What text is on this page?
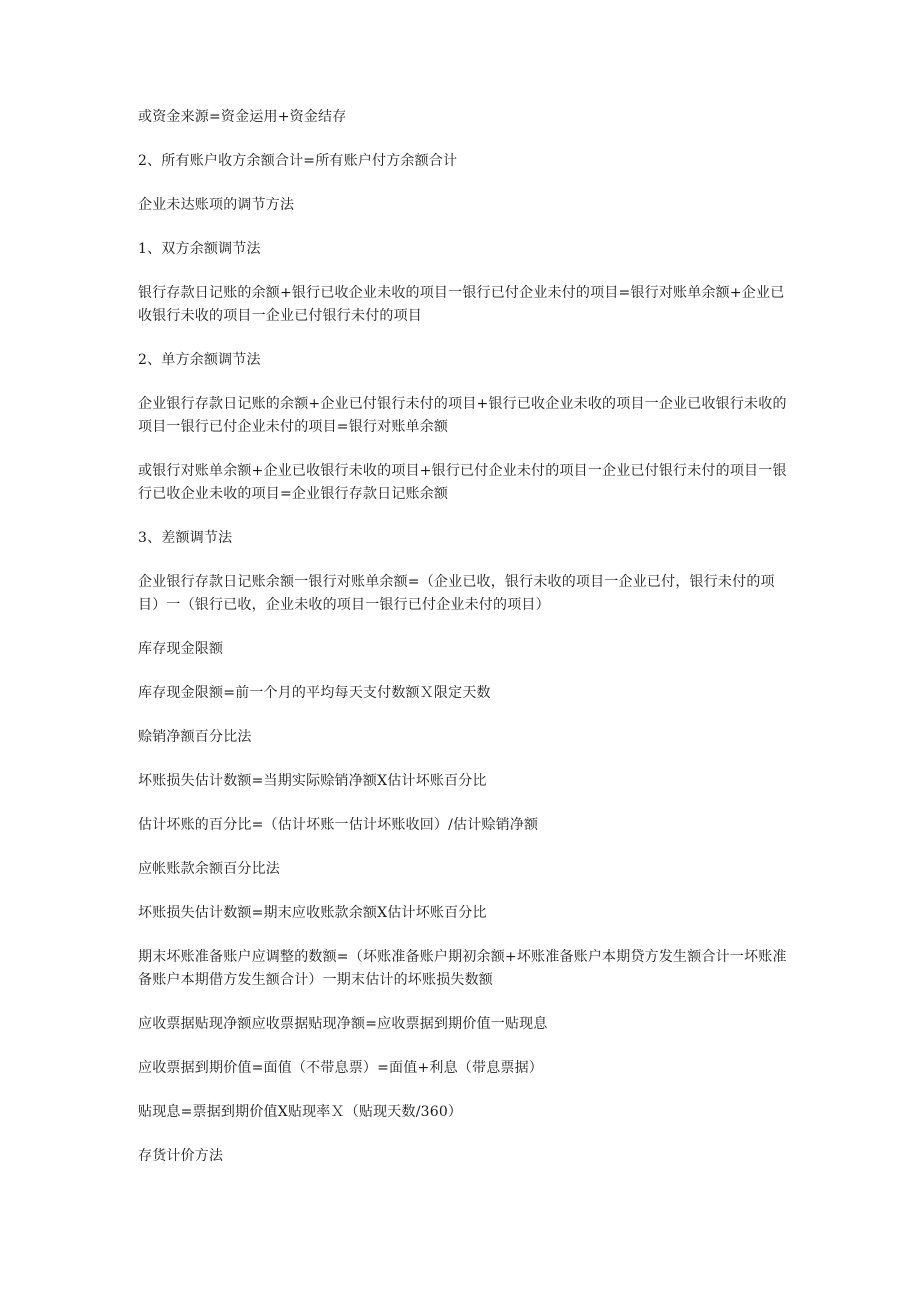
或资金来源=资金运用+资金结存

2、所有账户收方余额合计=所有账户付方余额合计

企业未达账项的调节方法

1、双方余额调节法

银行存款日记账的余额+银行已收企业未收的项目一银行已付企业未付的项目=银行对账单余额+企业已收银行未收的项目一企业已付银行未付的项目

2、单方余额调节法

企业银行存款日记账的余额+企业已付银行未付的项目+银行已收企业未收的项目一企业已收银行未收的项目一银行已付企业未付的项目=银行对账单余额

或银行对账单余额+企业已收银行未收的项目+银行已付企业未付的项目一企业已付银行未付的项目一银行已收企业未收的项目=企业银行存款日记账余额

3、差额调节法

企业银行存款日记账余额一银行对账单余额=（企业已收，银行未收的项目一企业已付，银行未付的项目）一（银行已收，企业未收的项目一银行已付企业未付的项目）

库存现金限额

库存现金限额=前一个月的平均每天支付数额Ｘ限定天数

赊销净额百分比法

坏账损失估计数额=当期实际赊销净额X估计坏账百分比

估计坏账的百分比=（估计坏账一估计坏账收回）/估计赊销净额

应帐账款余额百分比法

坏账损失估计数额=期末应收账款余额X估计坏账百分比

期末坏账准备账户应调整的数额=（坏账准备账户期初余额+坏账准备账户本期贷方发生额合计一坏账准备账户本期借方发生额合计）一期末估计的坏账损失数额

应收票据贴现净额应收票据贴现净额=应收票据到期价值一贴现息

应收票据到期价值=面值（不带息票）=面值+利息（带息票据）

贴现息=票据到期价值X贴现率Ｘ（贴现天数/360）

存货计价方法
